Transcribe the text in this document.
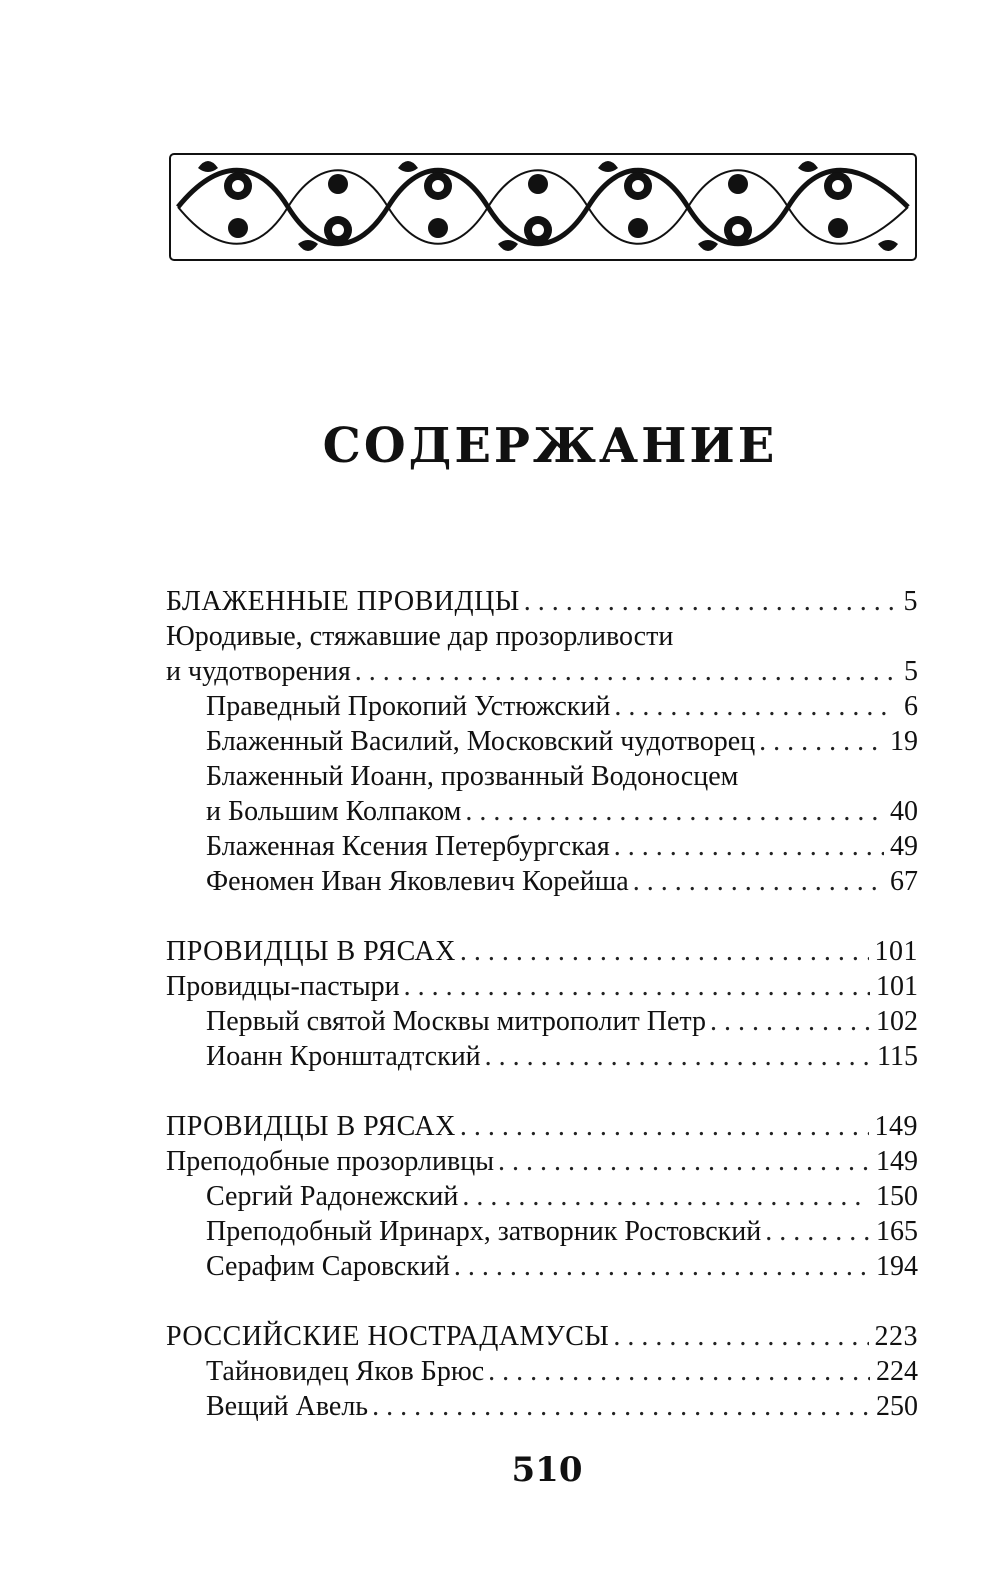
СОДЕРЖАНИЕ
БЛАЖЕННЫЕ ПРОВИДЦЫ . . .	5
Юродивые, стяжавшие дар прозорливости
и чудотворения . . .	5
Праведный Прокопий Устюжский . . .	6
Блаженный Василий, Московский чудотворец . . .	19
Блаженный Иоанн, прозванный Водоносцем
и Большим Колпаком . . .	40
Блаженная Ксения Петербургская . . .	49
Феномен Иван Яковлевич Корейша . . .	67
ПРОВИДЦЫ В РЯСАХ . . .	101
Провидцы-пастыри . . .	101
Первый святой Москвы митрополит Петр . . .	102
Иоанн Кронштадтский . . .	115
ПРОВИДЦЫ В РЯСАХ . . .	149
Преподобные прозорливцы . . .	149
Сергий Радонежский . . .	150
Преподобный Иринарх, затворник Ростовский . . .	165
Серафим Саровский . . .	194
РОССИЙСКИЕ НОСТРАДАМУСЫ . . .	223
Тайновидец Яков Брюс . . .	224
Вещий Авель . . .	250
510
